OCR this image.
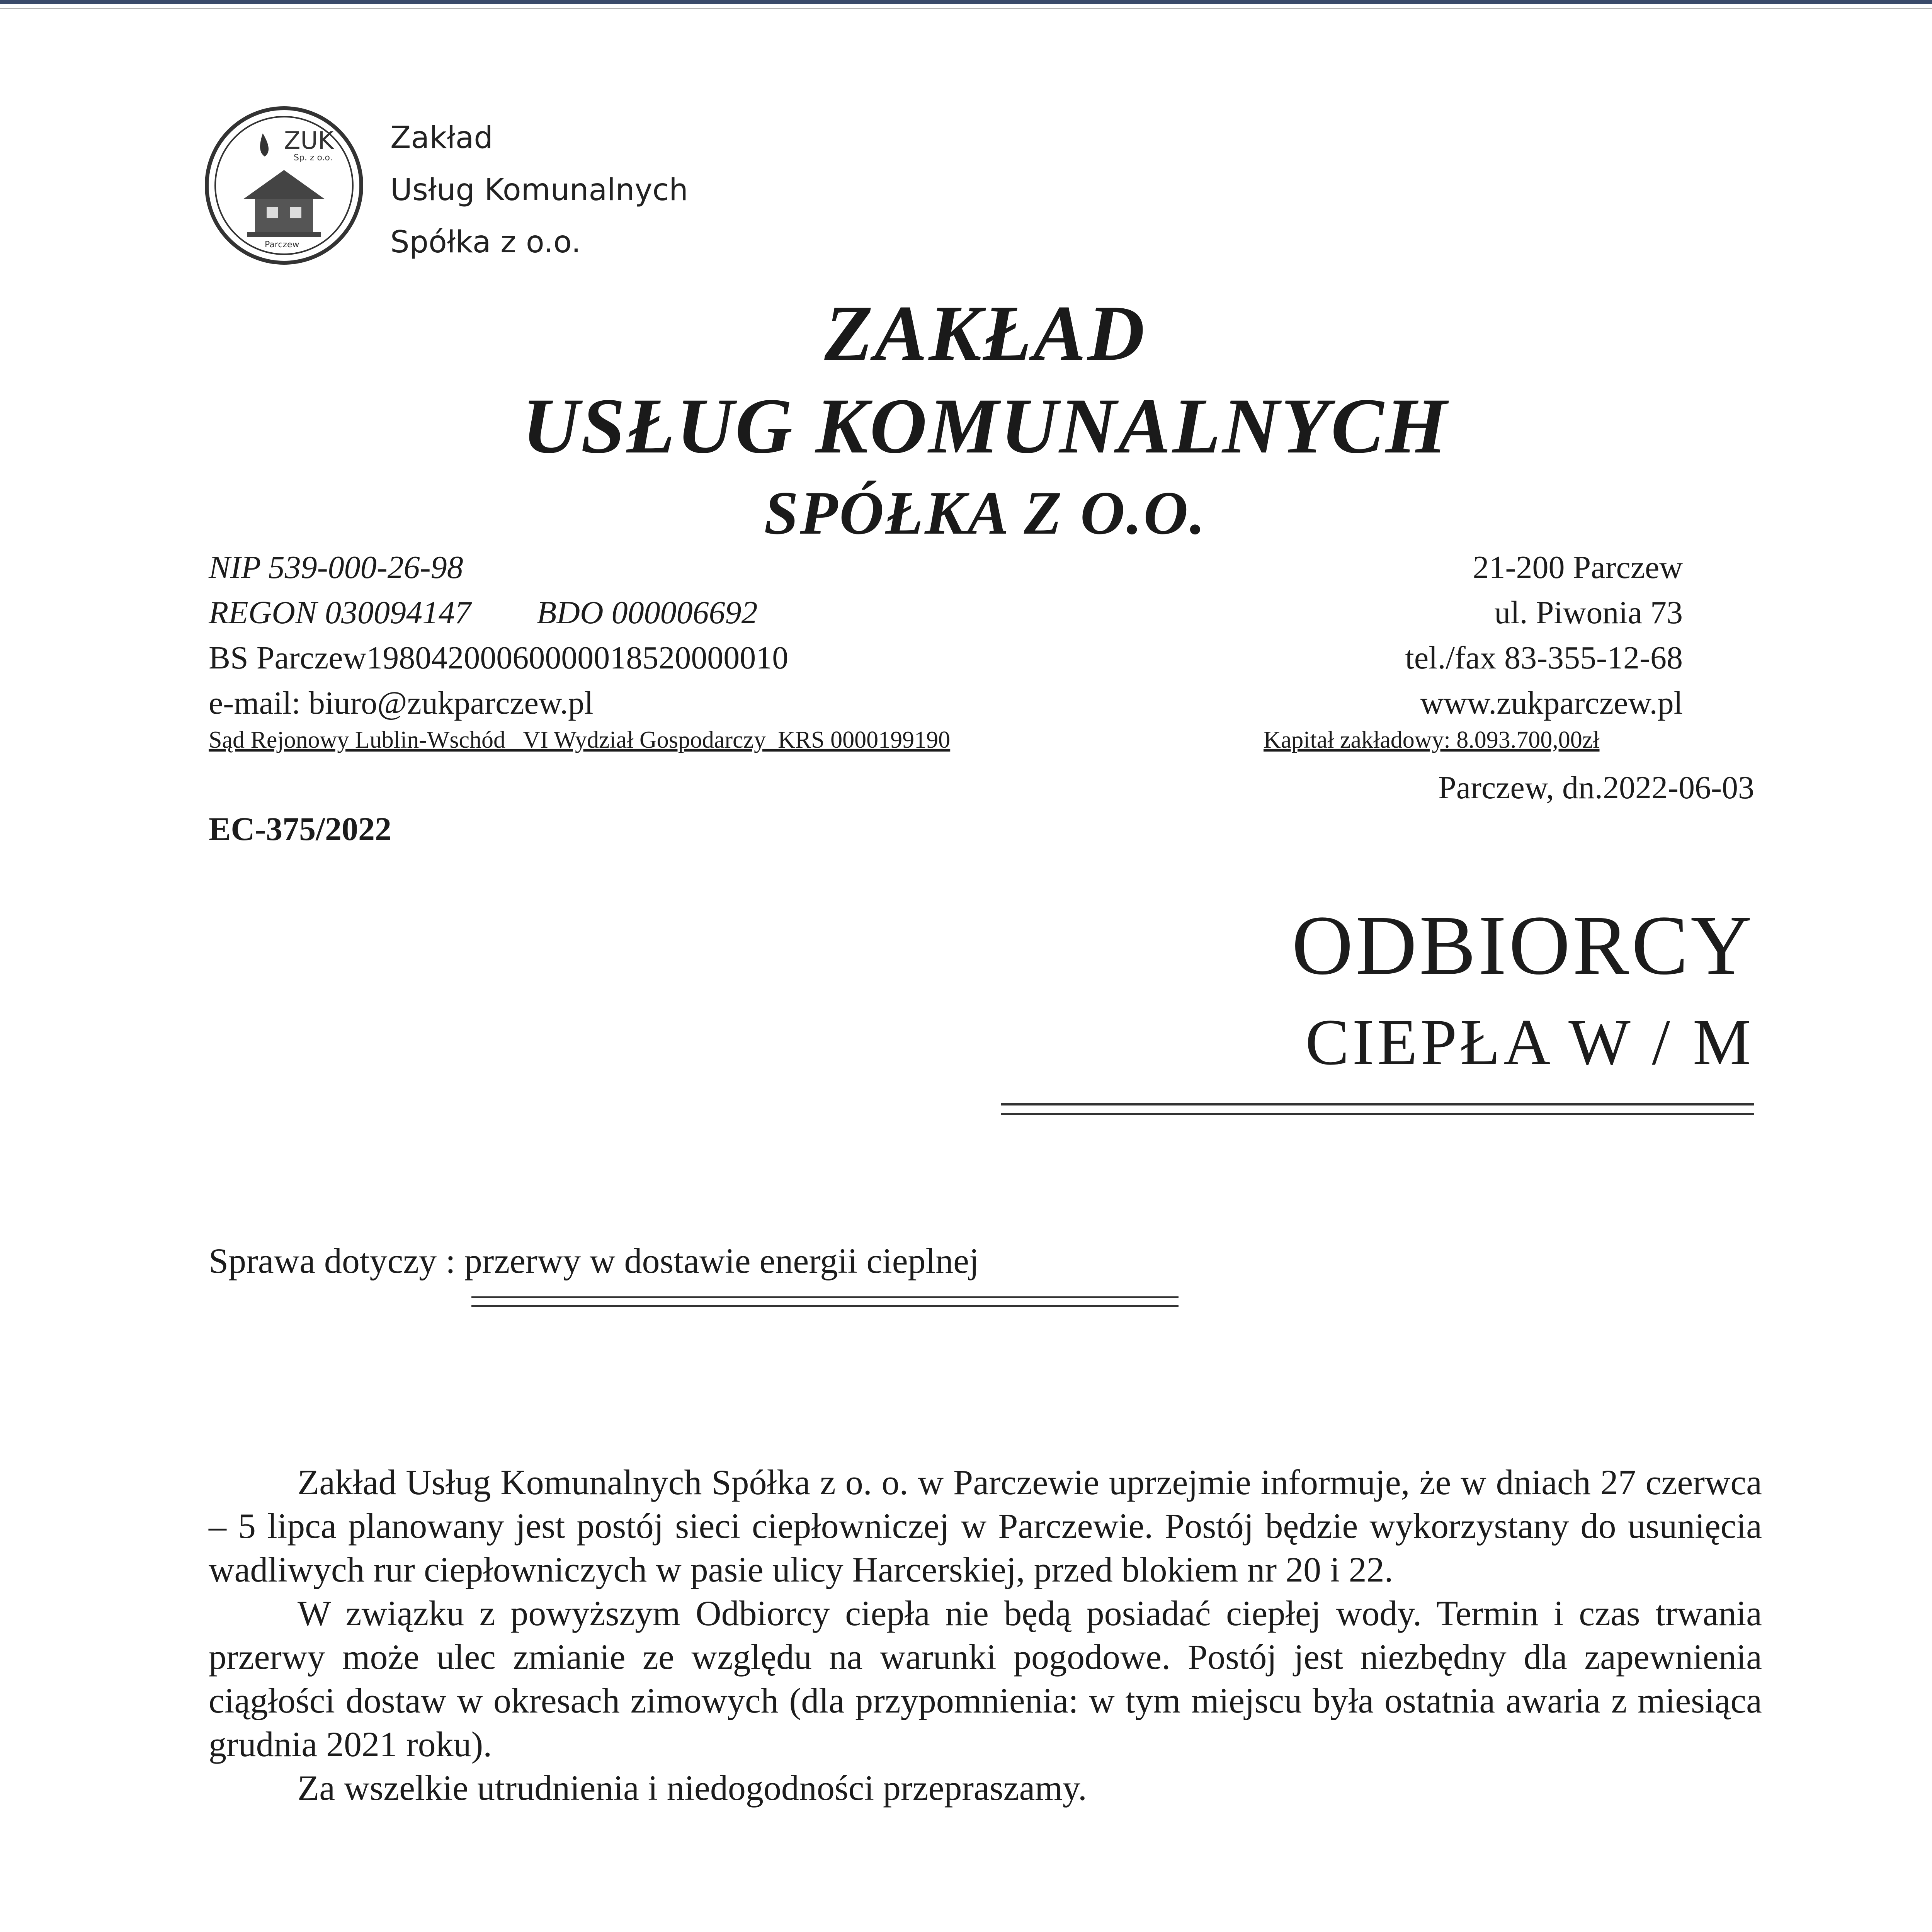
ZUK
Sp. z o.o.
Parczew
Zakład
Usług Komunalnych
Spółka z o.o.
ZAKŁAD
USŁUG KOMUNALNYCH
SPÓŁKA Z O.O.
NIP 539-000-26-98
REGON 030094147 BDO 000006692
BS Parczew19804200060000018520000010
e-mail: biuro@zukparczew.pl
21-200 Parczew
ul. Piwonia 73
tel./fax 83-355-12-68
www.zukparczew.pl
Sąd Rejonowy Lublin-Wschód   VI Wydział Gospodarczy  KRS 0000199190	Kapitał zakładowy: 8.093.700,00zł
Parczew, dn.2022-06-03
EC-375/2022
ODBIORCY
CIEPŁA W / M
Sprawa dotyczy : przerwy w dostawie energii cieplnej

Zakład Usług Komunalnych Spółka z o. o. w Parczewie uprzejmie informuje, że w dniach 27 czerwca – 5 lipca planowany jest postój sieci ciepłowniczej w Parczewie. Postój będzie wykorzystany do usunięcia wadliwych rur ciepłowniczych w pasie ulicy Harcerskiej, przed blokiem nr 20 i 22.

W związku z powyższym Odbiorcy ciepła nie będą posiadać ciepłej wody. Termin i czas trwania przerwy może ulec zmianie ze względu na warunki pogodowe. Postój jest niezbędny dla zapewnienia ciągłości dostaw w okresach zimowych (dla przypomnienia: w tym miejscu była ostatnia awaria z miesiąca grudnia 2021 roku).

Za wszelkie utrudnienia i niedogodności przepraszamy.
